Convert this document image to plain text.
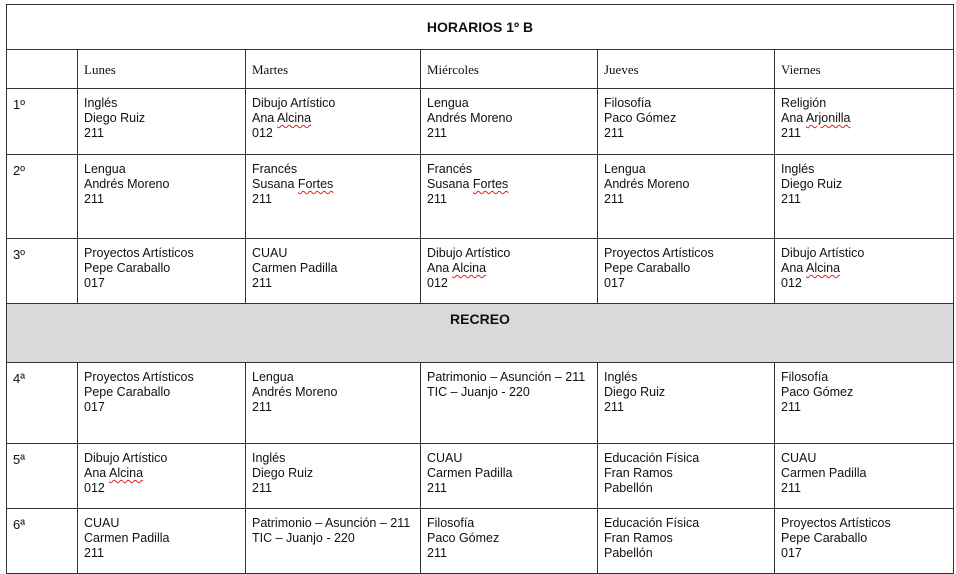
HORARIOS 1º B					
	Lunes	Martes	Miércoles	Jueves	Viernes
1º	Inglés
Diego Ruiz
211	Dibujo Artístico
Ana Alcina
012	Lengua
Andrés Moreno
211	Filosofía
Paco Gómez
211	Religión
Ana Arjonilla
211

2º	Lengua
Andrés Moreno
211	Francés
Susana Fortes
211	Francés
Susana Fortes
211	Lengua
Andrés Moreno
211	Inglés
Diego Ruiz
211

3º	Proyectos Artísticos
Pepe Caraballo
017	CUAU
Carmen Padilla
211	Dibujo Artístico
Ana Alcina
012	Proyectos Artísticos
Pepe Caraballo
017	Dibujo Artístico
Ana Alcina
012

RECREO					
4ª	Proyectos Artísticos
Pepe Caraballo
017	Lengua
Andrés Moreno
211	Patrimonio – Asunción – 211
TIC – Juanjo - 220	Inglés
Diego Ruiz
211	Filosofía
Paco Gómez
211

5ª	Dibujo Artístico
Ana Alcina
012	Inglés
Diego Ruiz
211	CUAU
Carmen Padilla
211	Educación Física
Fran Ramos
Pabellón	CUAU
Carmen Padilla
211

6ª	CUAU
Carmen Padilla
211	Patrimonio – Asunción – 211
TIC – Juanjo - 220	Filosofía
Paco Gómez
211	Educación Física
Fran Ramos
Pabellón	Proyectos Artísticos
Pepe Caraballo
017
